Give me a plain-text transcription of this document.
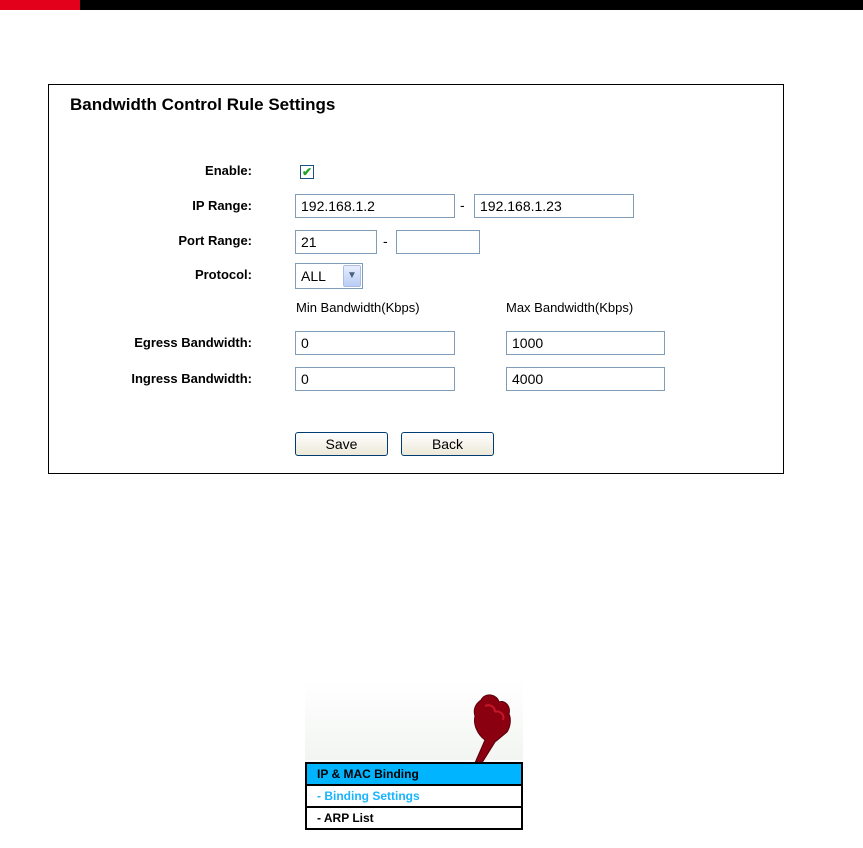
Bandwidth Control Rule Settings
Enable:	✔
IP Range:
192.168.1.2	-
192.168.1.23
Port Range:
21	-
Protocol:	ALL	▼
Min Bandwidth(Kbps)	Max Bandwidth(Kbps)
Egress Bandwidth:
0
1000
Ingress Bandwidth:
0
4000
Save	Back
IP & MAC Binding
- Binding Settings
- ARP List
